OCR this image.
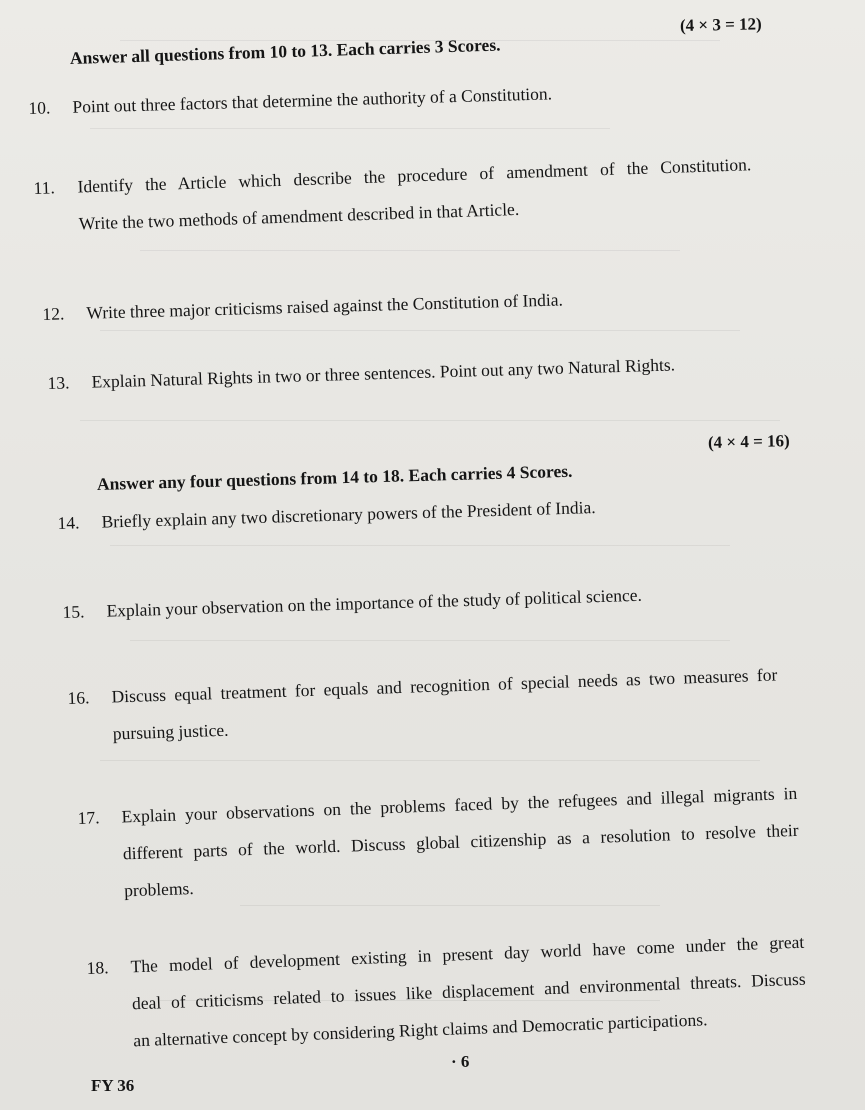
(4 × 3 = 12)
Answer all questions from 10 to 13. Each carries 3 Scores.
10.	Point out three factors that determine the authority of a Constitution.
11.	Identify the Article which describe the procedure of amendment of the Constitution.
Write the two methods of amendment described in that Article.
12.	Write three major criticisms raised against the Constitution of India.
13.	Explain Natural Rights in two or three sentences. Point out any two Natural Rights.
(4 × 4 = 16)
Answer any four questions from 14 to 18. Each carries 4 Scores.
14.	Briefly explain any two discretionary powers of the President of India.
15.	Explain your observation on the importance of the study of political science.
16.	Discuss equal treatment for equals and recognition of special needs as two measures for
pursuing justice.
17.	Explain your observations on the problems faced by the refugees and illegal migrants in
different parts of the world. Discuss global citizenship as a resolution to resolve their
problems.
18.	The model of development existing in present day world have come under the great
deal of criticisms related to issues like displacement and environmental threats. Discuss
an alternative concept by considering Right claims and Democratic participations.
· 6
FY 36
